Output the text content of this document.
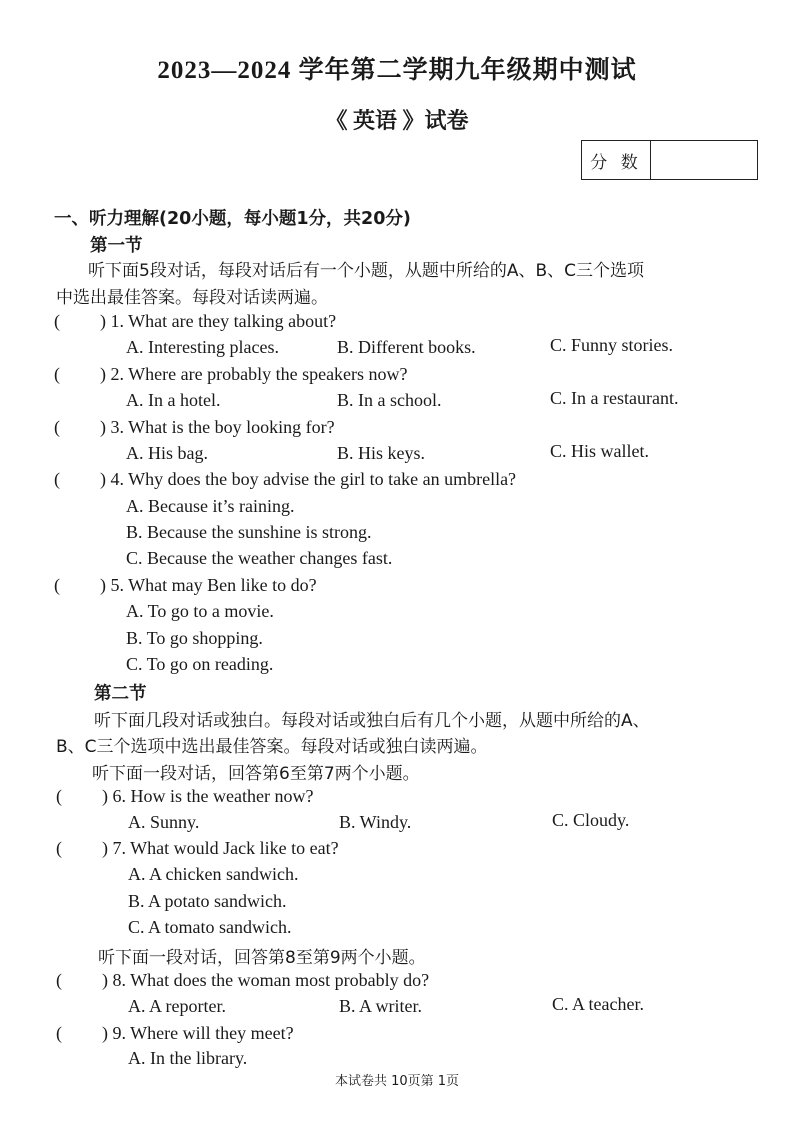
2023—2024 学年第二学期九年级期中测试
《 英语 》试卷
分 数
一、听力理解(20小题，每小题1分，共20分)
第一节
听下面5段对话，每段对话后有一个小题，从题中所给的A、B、C三个选项
中选出最佳答案。每段对话读两遍。
( ) 1. What are they talking about?
A. Interesting places.	B. Different books.	C. Funny stories.
( ) 2. Where are probably the speakers now?
A. In a hotel.	B. In a school.	C. In a restaurant.
( ) 3. What is the boy looking for?
A. His bag.	B. His keys.	C. His wallet.
( ) 4. Why does the boy advise the girl to take an umbrella?
A. Because it’s raining.
B. Because the sunshine is strong.
C. Because the weather changes fast.
( ) 5. What may Ben like to do?
A. To go to a movie.
B. To go shopping.
C. To go on reading.
第二节
听下面几段对话或独白。每段对话或独白后有几个小题，从题中所给的A、
B、C三个选项中选出最佳答案。每段对话或独白读两遍。
听下面一段对话，回答第6至第7两个小题。
( ) 6. How is the weather now?
A. Sunny.	B. Windy.	C. Cloudy.
( ) 7. What would Jack like to eat?
A. A chicken sandwich.
B. A potato sandwich.
C. A tomato sandwich.
听下面一段对话，回答第8至第9两个小题。
( ) 8. What does the woman most probably do?
A. A reporter.	B. A writer.	C. A teacher.
( ) 9. Where will they meet?
A. In the library.
本试卷共 10页第 1页
